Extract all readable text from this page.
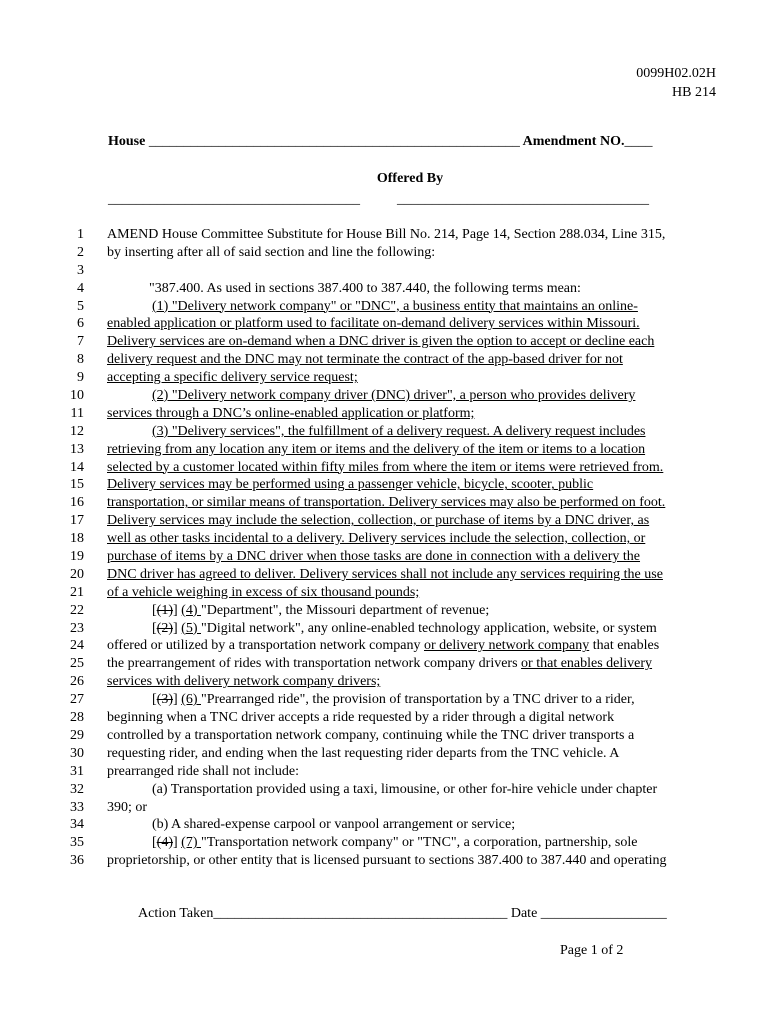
0099H02.02H
HB 214
House _____________________________________________________ Amendment NO.____
Offered By
____________________________________	____________________________________
1 AMEND House Committee Substitute for House Bill No. 214, Page 14, Section 288.034, Line 315,
2 by inserting after all of said section and line the following:
3
4	"387.400. As used in sections 387.400 to 387.440, the following terms mean:
5	(1) "Delivery network company" or "DNC", a business entity that maintains an online-
6 enabled application or platform used to facilitate on-demand delivery services within Missouri.
7 Delivery services are on-demand when a DNC driver is given the option to accept or decline each
8 delivery request and the DNC may not terminate the contract of the app-based driver for not
9 accepting a specific delivery service request;
10	(2) "Delivery network company driver (DNC) driver", a person who provides delivery
11 services through a DNC’s online-enabled application or platform;
12	(3) "Delivery services", the fulfillment of a delivery request. A delivery request includes
13 retrieving from any location any item or items and the delivery of the item or items to a location
14 selected by a customer located within fifty miles from where the item or items were retrieved from.
15 Delivery services may be performed using a passenger vehicle, bicycle, scooter, public
16 transportation, or similar means of transportation. Delivery services may also be performed on foot.
17 Delivery services may include the selection, collection, or purchase of items by a DNC driver, as
18 well as other tasks incidental to a delivery. Delivery services include the selection, collection, or
19 purchase of items by a DNC driver when those tasks are done in connection with a delivery the
20 DNC driver has agreed to deliver. Delivery services shall not include any services requiring the use
21 of a vehicle weighing in excess of six thousand pounds;
22	[(1)] (4) "Department", the Missouri department of revenue;
23	[(2)] (5) "Digital network", any online-enabled technology application, website, or system
24 offered or utilized by a transportation network company or delivery network company that enables
25 the prearrangement of rides with transportation network company drivers or that enables delivery
26 services with delivery network company drivers;
27	[(3)] (6) "Prearranged ride", the provision of transportation by a TNC driver to a rider,
28 beginning when a TNC driver accepts a ride requested by a rider through a digital network
29 controlled by a transportation network company, continuing while the TNC driver transports a
30 requesting rider, and ending when the last requesting rider departs from the TNC vehicle. A
31 prearranged ride shall not include:
32	(a) Transportation provided using a taxi, limousine, or other for-hire vehicle under chapter
33 390; or
34	(b) A shared-expense carpool or vanpool arrangement or service;
35	[(4)] (7) "Transportation network company" or "TNC", a corporation, partnership, sole
36 proprietorship, or other entity that is licensed pursuant to sections 387.400 to 387.440 and operating
Action Taken__________________________________________ Date __________________
Page 1 of 2
